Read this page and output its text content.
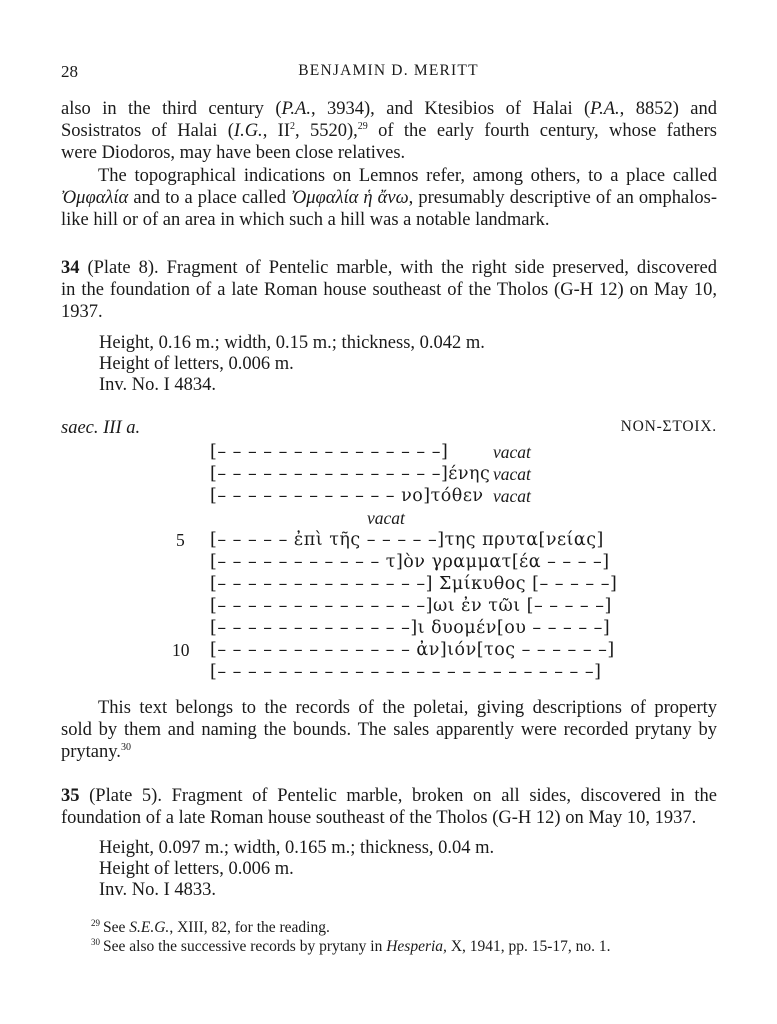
28	BENJAMIN D. MERITT
also in the third century (P.A., 3934), and Ktesibios of Halai (P.A., 8852) and
Sosistratos of Halai (I.G., $II^2$, 5520),$^{29}$ of the early fourth century, whose fathers
were Diodoros, may have been close relatives.
The topographical indications on Lemnos refer, among others, to a place called
Ὀμφαλία and to a place called Ὀμφαλία ἡ ἄνω, presumably descriptive of an omphalos-
like hill or of an area in which such a hill was a notable landmark.
34 (Plate 8). Fragment of Pentelic marble, with the right side preserved, discovered
in the foundation of a late Roman house southeast of the Tholos (G-H 12) on May 10,
1937.
Height, 0.16 m.; width, 0.15 m.; thickness, 0.042 m.
Height of letters, 0.006 m.
Inv. No. I 4834.
saec. III a.	NON-ΣΤΟΙΧ.
[– – – – – – – – – – – – – – –]	vacat
[– – – – – – – – – – – – – – –]ένης vacat
[– – – – – – – – – – – – νο]τόθεν vacat
vacat
5 [– – – – – ἐπὶ τῆς – – – – –]της πρυτα[νείας]
[– – – – – – – – – – – τ]ὸν γραμματ[έα – – – –]
[– – – – – – – – – – – – – –] Σμίκυθος [– – – – –]
[– – – – – – – – – – – – – –]ωι ἐν τῶι [– – – – –]
[– – – – – – – – – – – – –]ι δυομέν[ου – – – – –]
10 [– – – – – – – – – – – – – ἀν]ιόν[τος – – – – – –]
[– – – – – – – – – – – – – – – – – – – – – – – – –]
This text belongs to the records of the poletai, giving descriptions of property
sold by them and naming the bounds. The sales apparently were recorded prytany by
prytany.$^{30}$
35 (Plate 5). Fragment of Pentelic marble, broken on all sides, discovered in the
foundation of a late Roman house southeast of the Tholos (G-H 12) on May 10, 1937.
Height, 0.097 m.; width, 0.165 m.; thickness, 0.04 m.
Height of letters, 0.006 m.
Inv. No. I 4833.
$^{29}$ See S.E.G., XIII, 82, for the reading.
$^{30}$ See also the successive records by prytany in Hesperia, X, 1941, pp. 15-17, no. 1.
